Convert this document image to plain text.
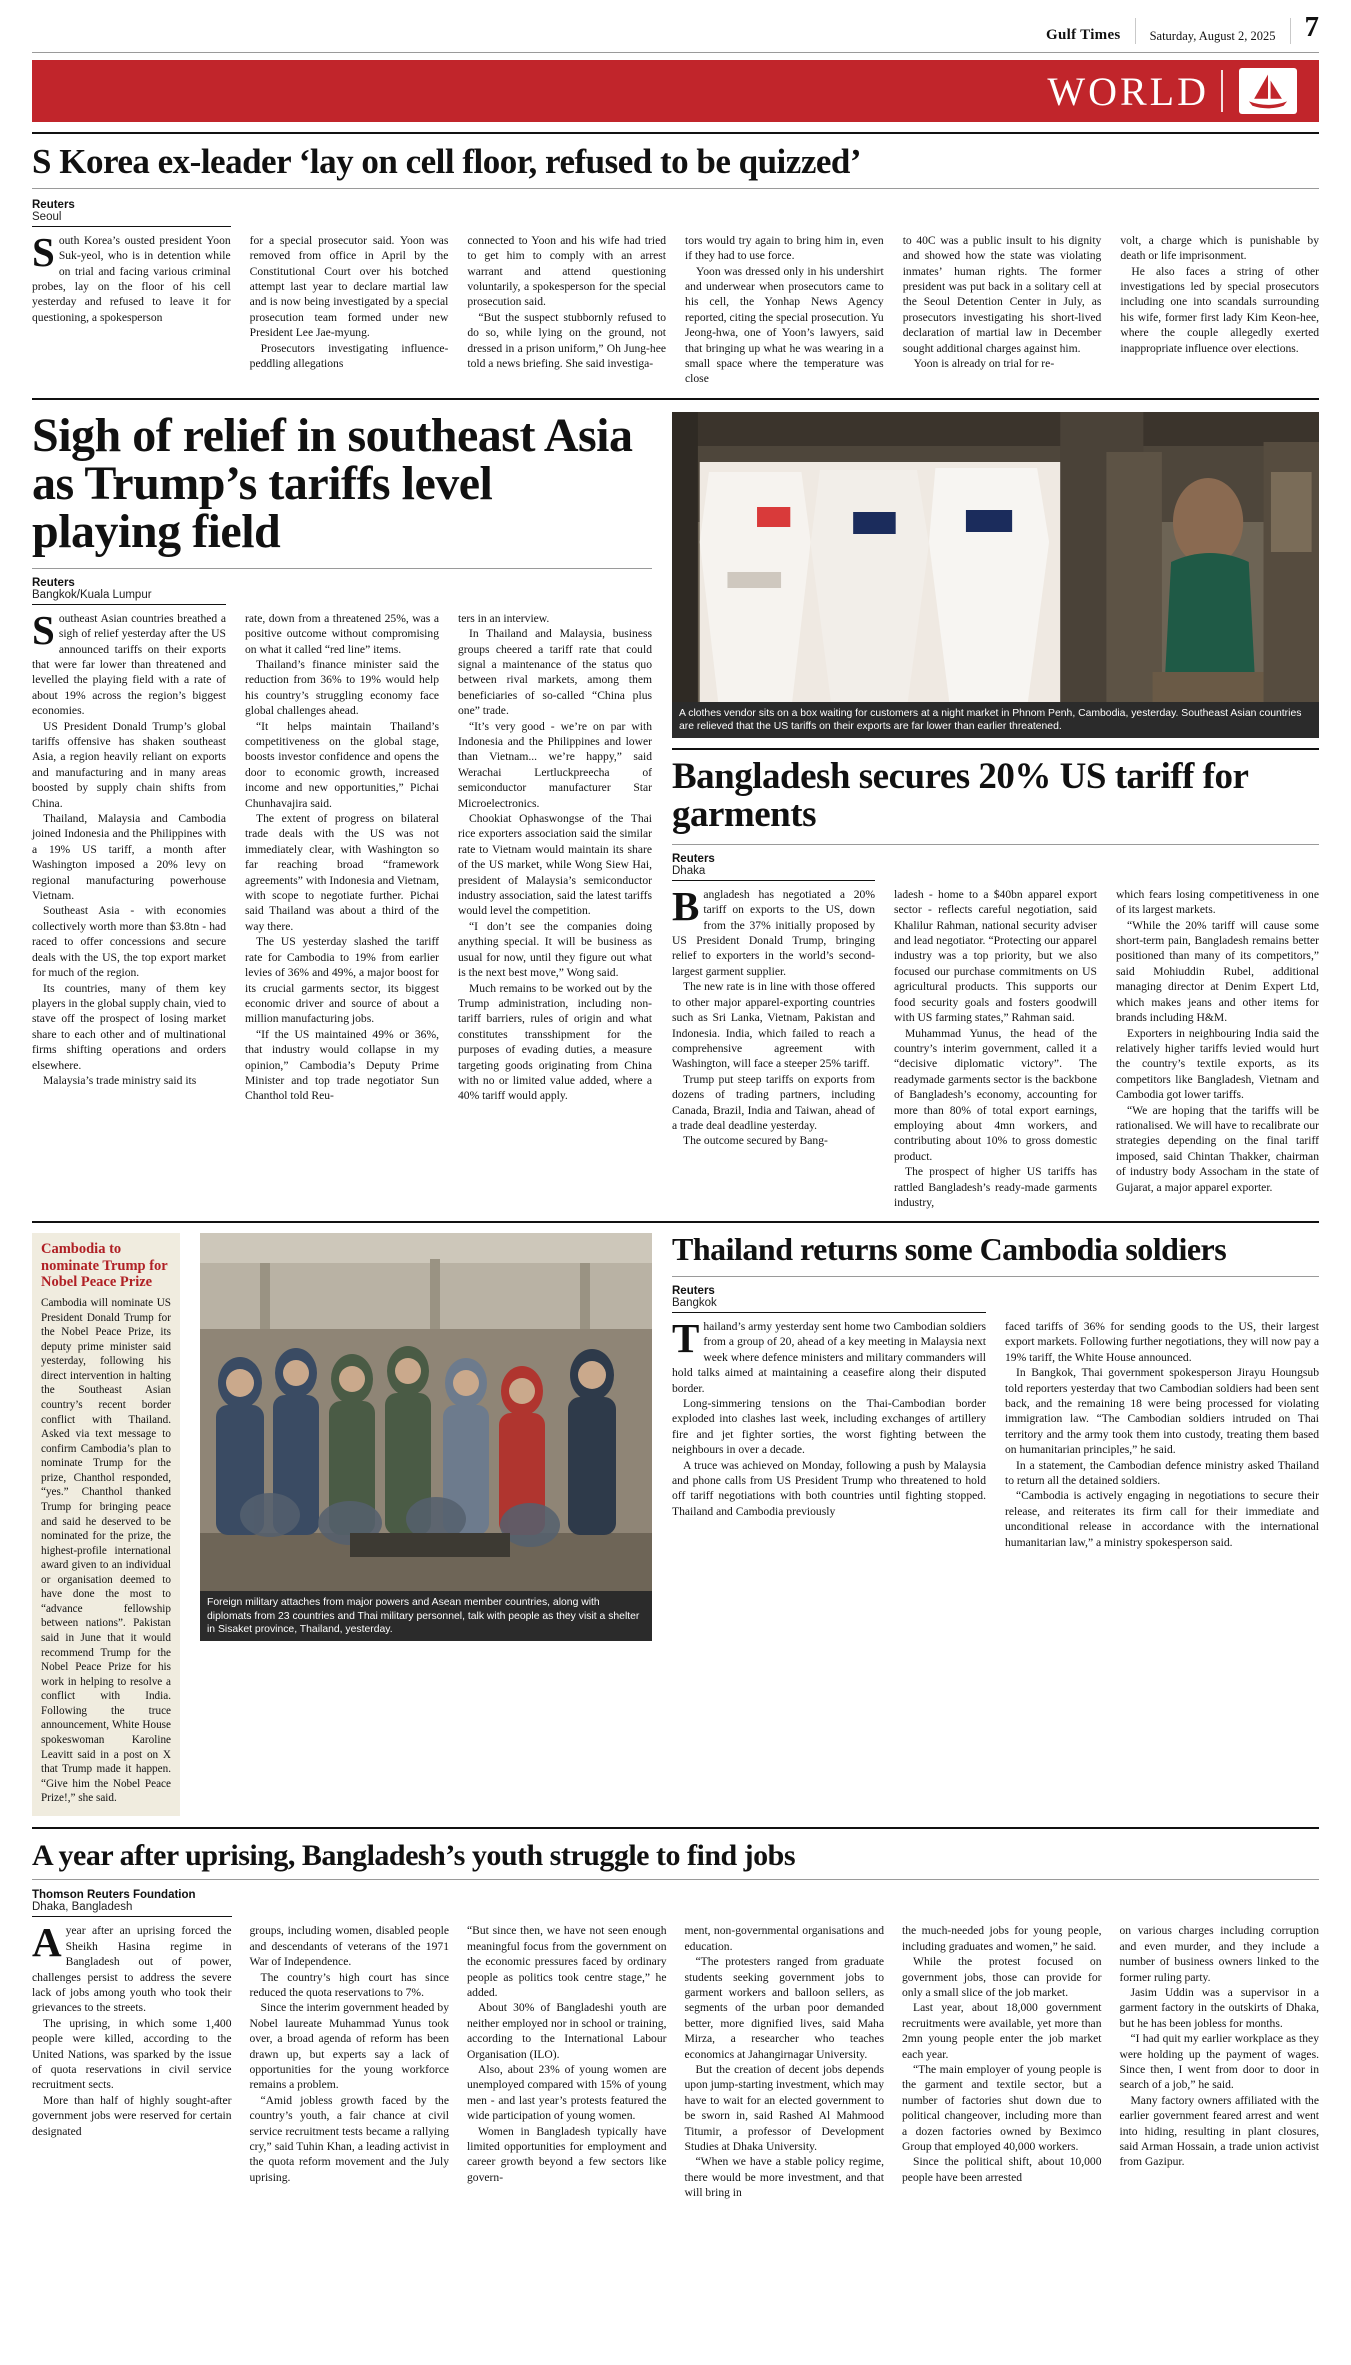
Gulf Times Saturday, August 2, 2025 7
WORLD
S Korea ex-leader ‘lay on cell floor, refused to be quizzed’
Reuters
Seoul

South Korea’s ousted president Yoon Suk-yeol, who is in detention while on trial and facing various criminal probes, lay on the floor of his cell yesterday and refused to leave it for questioning, a spokesperson

for a special prosecutor said. Yoon was removed from office in April by the Constitutional Court over his botched attempt last year to declare martial law and is now being investigated by a special prosecution team formed under new President Lee Jae-myung.

Prosecutors investigating influence-peddling allegations

connected to Yoon and his wife had tried to get him to comply with an arrest warrant and attend questioning voluntarily, a spokesperson for the special prosecution said.

“But the suspect stubbornly refused to do so, while lying on the ground, not dressed in a prison uniform,” Oh Jung-hee told a news briefing. She said investiga-

tors would try again to bring him in, even if they had to use force.

Yoon was dressed only in his undershirt and underwear when prosecutors came to his cell, the Yonhap News Agency reported, citing the special prosecution. Yu Jeong-hwa, one of Yoon’s lawyers, said that bringing up what he was wearing in a small space where the temperature was close

to 40C was a public insult to his dignity and showed how the state was violating inmates’ human rights. The former president was put back in a solitary cell at the Seoul Detention Center in July, as prosecutors investigating his short-lived declaration of martial law in December sought additional charges against him.

Yoon is already on trial for re-

volt, a charge which is punishable by death or life imprisonment.

He also faces a string of other investigations led by special prosecutors including one into scandals surrounding his wife, former first lady Kim Keon-hee, where the couple allegedly exerted inappropriate influence over elections.

Sigh of relief in southeast Asia as Trump’s tariffs level playing field
Reuters
Bangkok/Kuala Lumpur

Southeast Asian countries breathed a sigh of relief yesterday after the US announced tariffs on their exports that were far lower than threatened and levelled the playing field with a rate of about 19% across the region’s biggest economies.

US President Donald Trump’s global tariffs offensive has shaken southeast Asia, a region heavily reliant on exports and manufacturing and in many areas boosted by supply chain shifts from China.

Thailand, Malaysia and Cambodia joined Indonesia and the Philippines with a 19% US tariff, a month after Washington imposed a 20% levy on regional manufacturing powerhouse Vietnam.

Southeast Asia - with economies collectively worth more than $3.8tn - had raced to offer concessions and secure deals with the US, the top export market for much of the region.

Its countries, many of them key players in the global supply chain, vied to stave off the prospect of losing market share to each other and of multinational firms shifting operations and orders elsewhere.

Malaysia’s trade ministry said its

rate, down from a threatened 25%, was a positive outcome without compromising on what it called “red line” items.

Thailand’s finance minister said the reduction from 36% to 19% would help his country’s struggling economy face global challenges ahead.

“It helps maintain Thailand’s competitiveness on the global stage, boosts investor confidence and opens the door to economic growth, increased income and new opportunities,” Pichai Chunhavajira said.

The extent of progress on bilateral trade deals with the US was not immediately clear, with Washington so far reaching broad “framework agreements” with Indonesia and Vietnam, with scope to negotiate further. Pichai said Thailand was about a third of the way there.

The US yesterday slashed the tariff rate for Cambodia to 19% from earlier levies of 36% and 49%, a major boost for its crucial garments sector, its biggest economic driver and source of about a million manufacturing jobs.

“If the US maintained 49% or 36%, that industry would collapse in my opinion,” Cambodia’s Deputy Prime Minister and top trade negotiator Sun Chanthol told Reu-

ters in an interview.

In Thailand and Malaysia, business groups cheered a tariff rate that could signal a maintenance of the status quo between rival markets, among them beneficiaries of so-called “China plus one” trade.

“It’s very good - we’re on par with Indonesia and the Philippines and lower than Vietnam... we’re happy,” said Werachai Lertluckpreecha of semiconductor manufacturer Star Microelectronics.

Chookiat Ophaswongse of the Thai rice exporters association said the similar rate to Vietnam would maintain its share of the US market, while Wong Siew Hai, president of Malaysia’s semiconductor industry association, said the latest tariffs would level the competition.

“I don’t see the companies doing anything special. It will be business as usual for now, until they figure out what is the next best move,” Wong said.

Much remains to be worked out by the Trump administration, including non-tariff barriers, rules of origin and what constitutes transshipment for the purposes of evading duties, a measure targeting goods originating from China with no or limited value added, where a 40% tariff would apply.

A clothes vendor sits on a box waiting for customers at a night market in Phnom Penh, Cambodia, yesterday. Southeast Asian countries are relieved that the US tariffs on their exports are far lower than earlier threatened.
Bangladesh secures 20% US tariff for garments
Reuters
Dhaka

Bangladesh has negotiated a 20% tariff on exports to the US, down from the 37% initially proposed by US President Donald Trump, bringing relief to exporters in the world’s second-largest garment supplier.

The new rate is in line with those offered to other major apparel-exporting countries such as Sri Lanka, Vietnam, Pakistan and Indonesia. India, which failed to reach a comprehensive agreement with Washington, will face a steeper 25% tariff.

Trump put steep tariffs on exports from dozens of trading partners, including Canada, Brazil, India and Taiwan, ahead of a trade deal deadline yesterday.

The outcome secured by Bang-

ladesh - home to a $40bn apparel export sector - reflects careful negotiation, said Khalilur Rahman, national security adviser and lead negotiator. “Protecting our apparel industry was a top priority, but we also focused our purchase commitments on US agricultural products. This supports our food security goals and fosters goodwill with US farming states,” Rahman said.

Muhammad Yunus, the head of the country’s interim government, called it a “decisive diplomatic victory”. The readymade garments sector is the backbone of Bangladesh’s economy, accounting for more than 80% of total export earnings, employing about 4mn workers, and contributing about 10% to gross domestic product.

The prospect of higher US tariffs has rattled Bangladesh’s ready-made garments industry,

which fears losing competitiveness in one of its largest markets.

“While the 20% tariff will cause some short-term pain, Bangladesh remains better positioned than many of its competitors,” said Mohiuddin Rubel, additional managing director at Denim Expert Ltd, which makes jeans and other items for brands including H&M.

Exporters in neighbouring India said the relatively higher tariffs levied would hurt the country’s textile exports, as its competitors like Bangladesh, Vietnam and Cambodia got lower tariffs.

“We are hoping that the tariffs will be rationalised. We will have to recalibrate our strategies depending on the final tariff imposed, said Chintan Thakker, chairman of industry body Assocham in the state of Gujarat, a major apparel exporter.

Cambodia to nominate Trump for Nobel Peace Prize

Cambodia will nominate US President Donald Trump for the Nobel Peace Prize, its deputy prime minister said yesterday, following his direct intervention in halting the Southeast Asian country’s recent border conflict with Thailand. Asked via text message to confirm Cambodia’s plan to nominate Trump for the prize, Chanthol responded, “yes.” Chanthol thanked Trump for bringing peace and said he deserved to be nominated for the prize, the highest-profile international award given to an individual or organisation deemed to have done the most to “advance fellowship between nations”. Pakistan said in June that it would recommend Trump for the Nobel Peace Prize for his work in helping to resolve a conflict with India. Following the truce announcement, White House spokeswoman Karoline Leavitt said in a post on X that Trump made it happen. “Give him the Nobel Peace Prize!,” she said.

Foreign military attaches from major powers and Asean member countries, along with diplomats from 23 countries and Thai military personnel, talk with people as they visit a shelter in Sisaket province, Thailand, yesterday.
Thailand returns some Cambodia soldiers
Reuters
Bangkok

Thailand’s army yesterday sent home two Cambodian soldiers from a group of 20, ahead of a key meeting in Malaysia next week where defence ministers and military commanders will hold talks aimed at maintaining a ceasefire along their disputed border.

Long-simmering tensions on the Thai-Cambodian border exploded into clashes last week, including exchanges of artillery fire and jet fighter sorties, the worst fighting between the neighbours in over a decade.

A truce was achieved on Monday, following a push by Malaysia and phone calls from US President Trump who threatened to hold off tariff negotiations with both countries until fighting stopped. Thailand and Cambodia previously

faced tariffs of 36% for sending goods to the US, their largest export markets. Following further negotiations, they will now pay a 19% tariff, the White House announced.

In Bangkok, Thai government spokesperson Jirayu Houngsub told reporters yesterday that two Cambodian soldiers had been sent back, and the remaining 18 were being processed for violating immigration law. “The Cambodian soldiers intruded on Thai territory and the army took them into custody, treating them based on humanitarian principles,” he said.

In a statement, the Cambodian defence ministry asked Thailand to return all the detained soldiers.

“Cambodia is actively engaging in negotiations to secure their release, and reiterates its firm call for their immediate and unconditional release in accordance with the international humanitarian law,” a ministry spokesperson said.

A year after uprising, Bangladesh’s youth struggle to find jobs
Thomson Reuters Foundation
Dhaka, Bangladesh

Ayear after an uprising forced the Sheikh Hasina regime in Bangladesh out of power, challenges persist to address the severe lack of jobs among youth who took their grievances to the streets.

The uprising, in which some 1,400 people were killed, according to the United Nations, was sparked by the issue of quota reservations in civil service recruitment sects.

More than half of highly sought-after government jobs were reserved for certain designated

groups, including women, disabled people and descendants of veterans of the 1971 War of Independence.

The country’s high court has since reduced the quota reservations to 7%.

Since the interim government headed by Nobel laureate Muhammad Yunus took over, a broad agenda of reform has been drawn up, but experts say a lack of opportunities for the young workforce remains a problem.

“Amid jobless growth faced by the country’s youth, a fair chance at civil service recruitment tests became a rallying cry,” said Tuhin Khan, a leading activist in the quota reform movement and the July uprising.

“But since then, we have not seen enough meaningful focus from the government on the economic pressures faced by ordinary people as politics took centre stage,” he added.

About 30% of Bangladeshi youth are neither employed nor in school or training, according to the International Labour Organisation (ILO).

Also, about 23% of young women are unemployed compared with 15% of young men - and last year’s protests featured the wide participation of young women.

Women in Bangladesh typically have limited opportunities for employment and career growth beyond a few sectors like govern-

ment, non-governmental organisations and education.

“The protesters ranged from graduate students seeking government jobs to garment workers and balloon sellers, as segments of the urban poor demanded better, more dignified lives, said Maha Mirza, a researcher who teaches economics at Jahangirnagar University.

But the creation of decent jobs depends upon jump-starting investment, which may have to wait for an elected government to be sworn in, said Rashed Al Mahmood Titumir, a professor of Development Studies at Dhaka University.

“When we have a stable policy regime, there would be more investment, and that will bring in

the much-needed jobs for young people, including graduates and women,” he said.

While the protest focused on government jobs, those can provide for only a small slice of the job market.

Last year, about 18,000 government recruitments were available, yet more than 2mn young people enter the job market each year.

“The main employer of young people is the garment and textile sector, but a number of factories shut down due to political changeover, including more than a dozen factories owned by Beximco Group that employed 40,000 workers.

Since the political shift, about 10,000 people have been arrested

on various charges including corruption and even murder, and they include a number of business owners linked to the former ruling party.

Jasim Uddin was a supervisor in a garment factory in the outskirts of Dhaka, but he has been jobless for months.

“I had quit my earlier workplace as they were holding up the payment of wages. Since then, I went from door to door in search of a job,” he said.

Many factory owners affiliated with the earlier government feared arrest and went into hiding, resulting in plant closures, said Arman Hossain, a trade union activist from Gazipur.
